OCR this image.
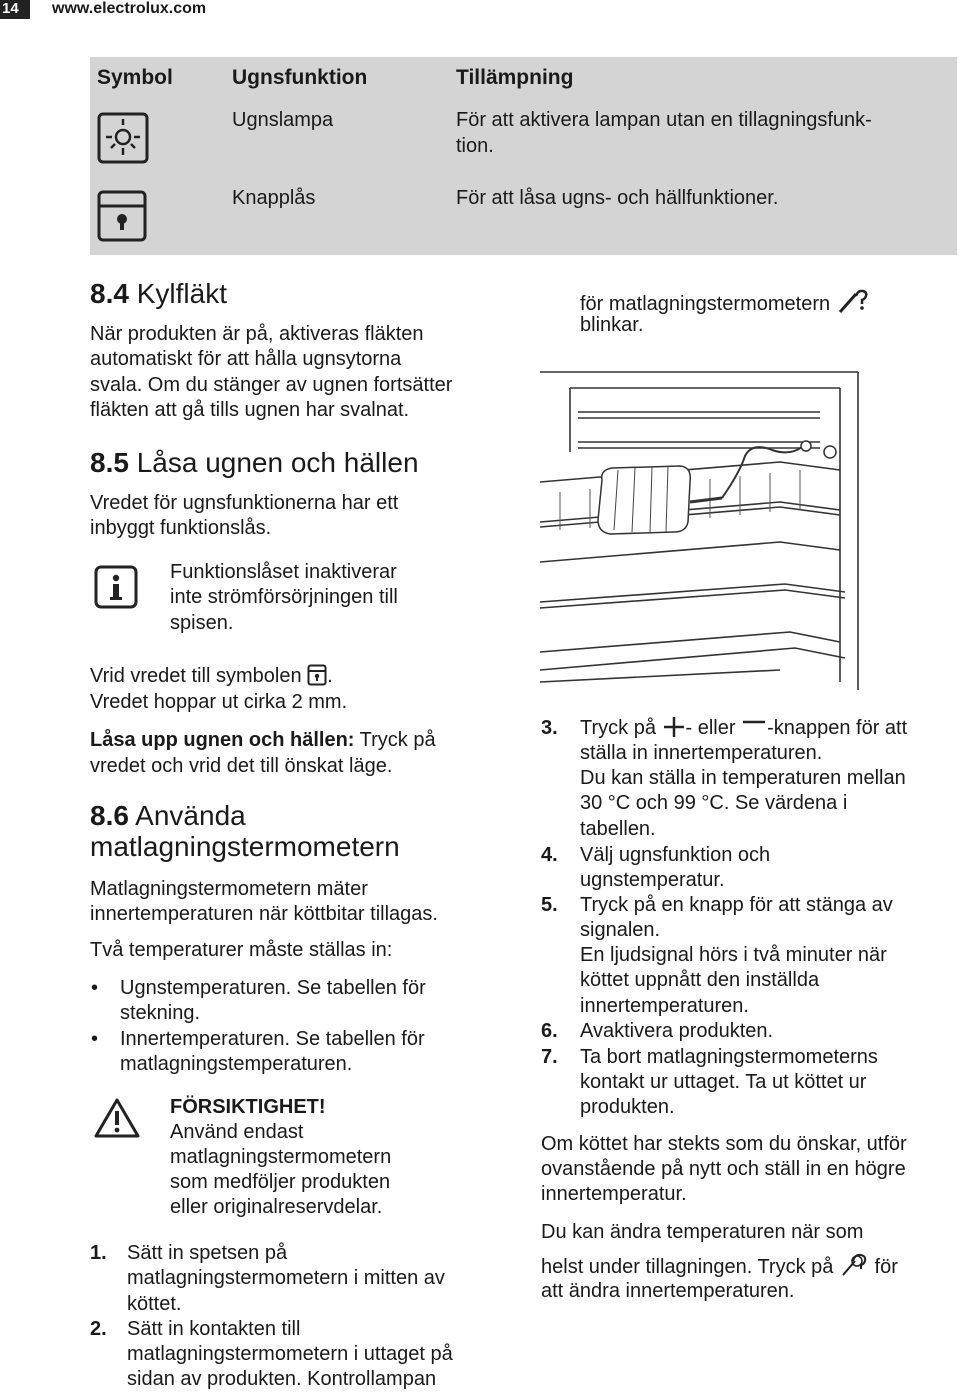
14	www.electrolux.com
Symbol	Ugnsfunktion	Tillämpning
Ugnslampa	För att aktivera lampan utan en tillagningsfunk-
tion.
Knapplås	För att låsa ugns- och hällfunktioner.
8.4 Kylfläkt
När produkten är på, aktiveras fläkten
automatiskt för att hålla ugnsytorna
svala. Om du stänger av ugnen fortsätter
fläkten att gå tills ugnen har svalnat.
8.5 Låsa ugnen och hällen
Vredet för ugnsfunktionerna har ett
inbyggt funktionslås.
Funktionslåset inaktiverar
inte strömförsörjningen till
spisen.
Vrid vredet till symbolen .
Vredet hoppar ut cirka 2 mm.
Låsa upp ugnen och hällen: Tryck på
vredet och vrid det till önskat läge.
8.6 Använda
matlagningstermometern
Matlagningstermometern mäter
innertemperaturen när köttbitar tillagas.
Två temperaturer måste ställas in:
• Ugnstemperaturen. Se tabellen för
stekning.
• Innertemperaturen. Se tabellen för
matlagningstemperaturen.
FÖRSIKTIGHET!
Använd endast
matlagningstermometern
som medföljer produkten
eller originalreservdelar.
1. Sätt in spetsen på
matlagningstermometern i mitten av
köttet.
2. Sätt in kontakten till
matlagningstermometern i uttaget på
sidan av produkten. Kontrollampan
för matlagningstermometern
blinkar.
3. Tryck på - eller -knappen för att
ställa in innertemperaturen.
Du kan ställa in temperaturen mellan
30 °C och 99 °C. Se värdena i
tabellen.
4. Välj ugnsfunktion och
ugnstemperatur.
5. Tryck på en knapp för att stänga av
signalen.
En ljudsignal hörs i två minuter när
köttet uppnått den inställda
innertemperaturen.
6. Avaktivera produkten.
7. Ta bort matlagningstermometerns
kontakt ur uttaget. Ta ut köttet ur
produkten.
Om köttet har stekts som du önskar, utför
ovanstående på nytt och ställ in en högre
innertemperatur.
Du kan ändra temperaturen när som
helst under tillagningen. Tryck på för
att ändra innertemperaturen.
